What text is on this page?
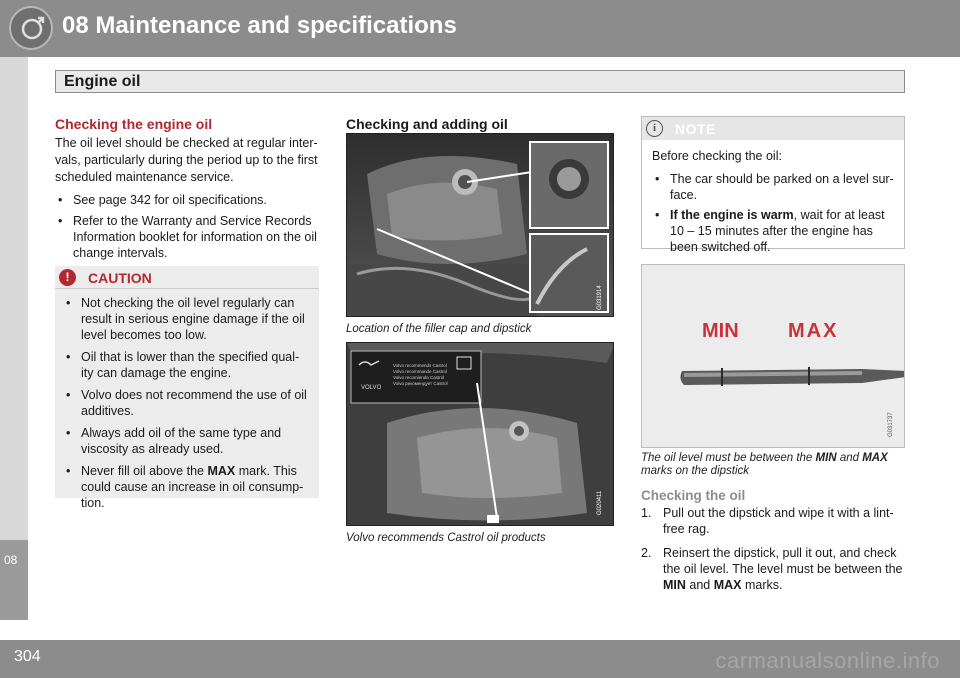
08 Maintenance and specifications
Engine oil
08
Checking the engine oil
The oil level should be checked at regular inter-vals, particularly during the period up to the first scheduled maintenance service.
• See page 342 for oil specifications.
• Refer to the Warranty and Service Records Information booklet for information on the oil change intervals.
!	CAUTION
• Not checking the oil level regularly can result in serious engine damage if the oil level becomes too low.
• Oil that is lower than the specified qual-ity can damage the engine.
• Volvo does not recommend the use of oil additives.
• Always add oil of the same type and viscosity as already used.
• Never fill oil above the MAX mark. This could cause an increase in oil consump-tion.
Checking and adding oil
G031914
Location of the filler cap and dipstick
VOLVO
Volvo recommends Castrol
Volvo recommande Castrol
Volvo recomienda Castrol
Volvo рекомендует Castrol
G020411
Volvo recommends Castrol oil products
i	NOTE
Before checking the oil:
• The car should be parked on a level sur-face.
• If the engine is warm, wait for at least 10 – 15 minutes after the engine has been switched off.
MIN MAX
G031737
The oil level must be between the MIN and MAX marks on the dipstick
Checking the oil
1. Pull out the dipstick and wipe it with a lint-free rag.
2. Reinsert the dipstick, pull it out, and check the oil level. The level must be between the MIN and MAX marks.
304	carmanualsonline.info
